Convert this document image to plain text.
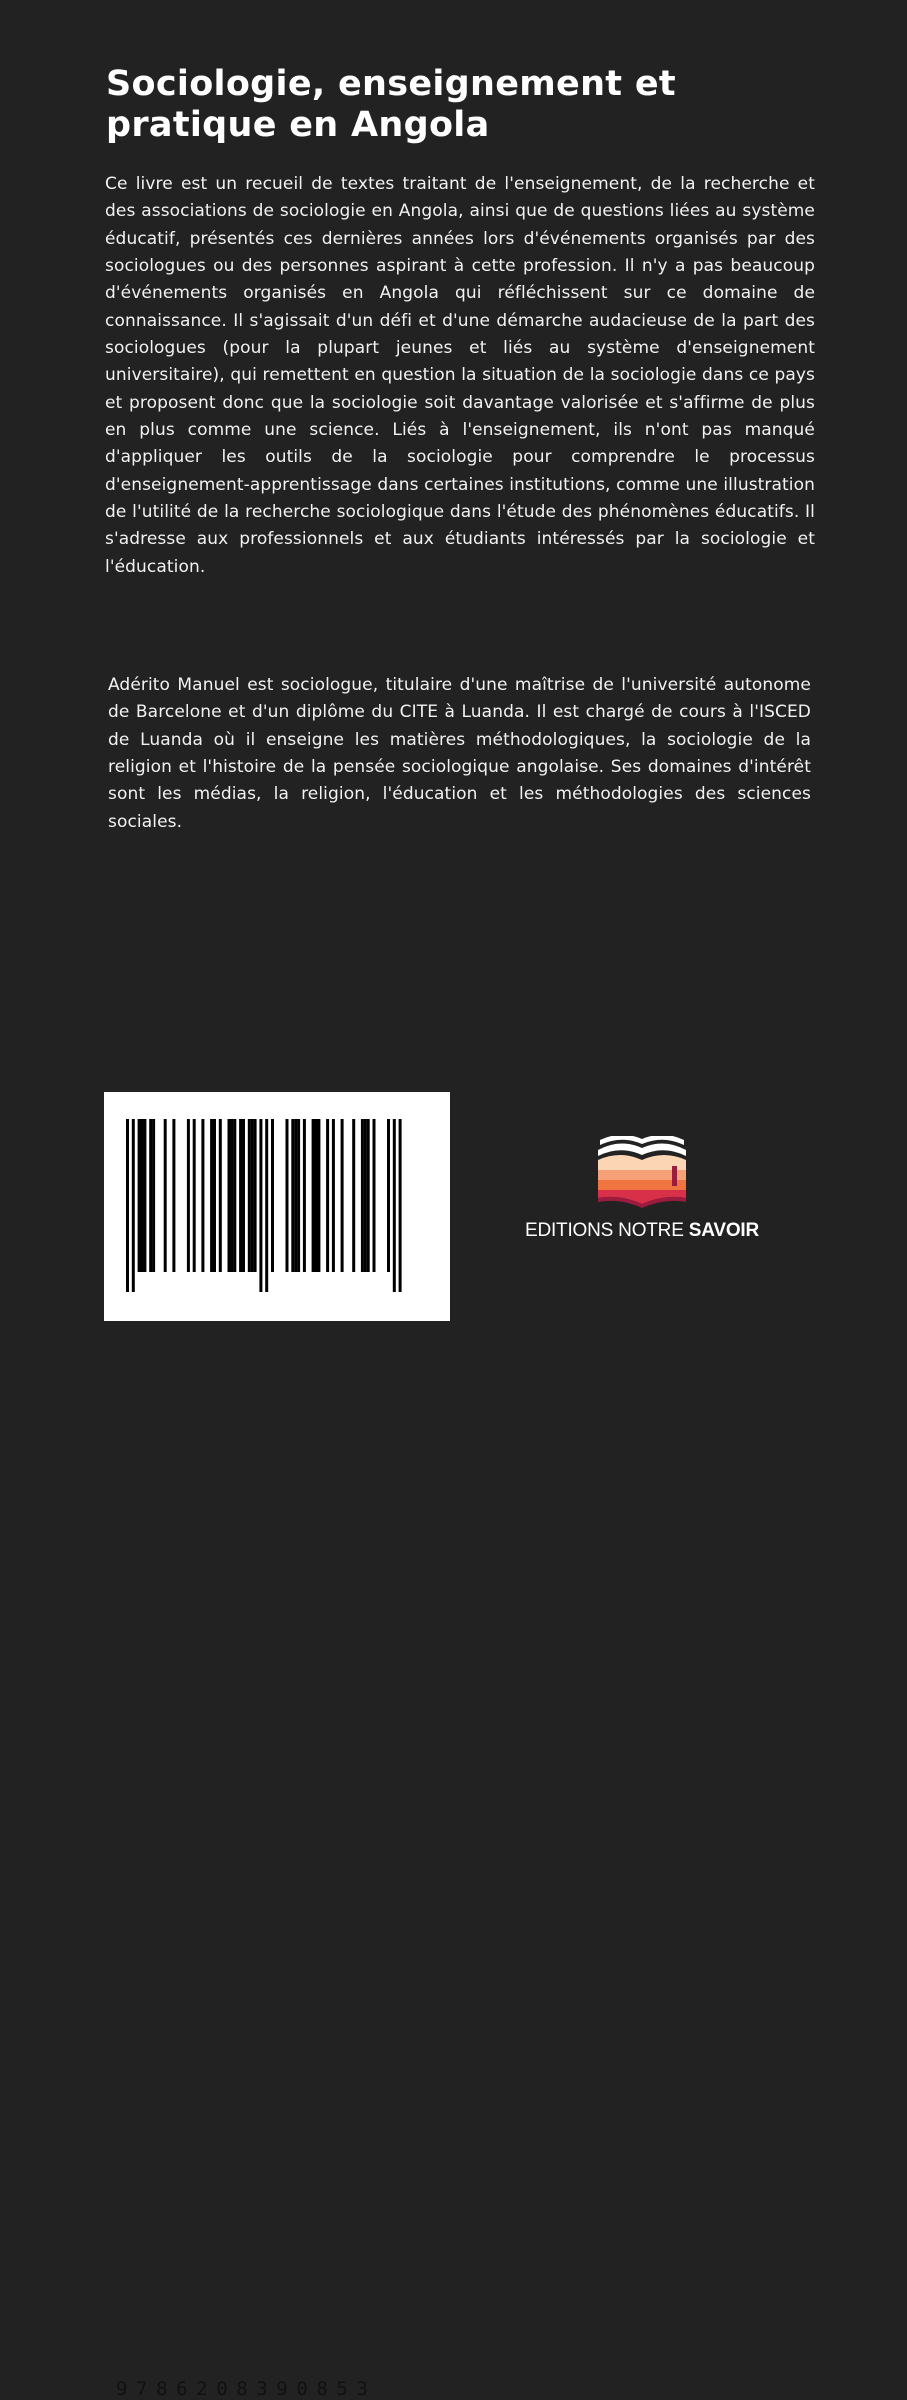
Sociologie, enseignement et pratique en Angola

Ce livre est un recueil de textes traitant de l'enseignement, de la recherche et des associations de sociologie en Angola, ainsi que de questions liées au système éducatif, présentés ces dernières années lors d'événements organisés par des sociologues ou des personnes aspirant à cette profession. Il n'y a pas beaucoup d'événements organisés en Angola qui réfléchissent sur ce domaine de connaissance. Il s'agissait d'un défi et d'une démarche audacieuse de la part des sociologues (pour la plupart jeunes et liés au système d'enseignement universitaire), qui remettent en question la situation de la sociologie dans ce pays et proposent donc que la sociologie soit davantage valorisée et s'affirme de plus en plus comme une science. Liés à l'enseignement, ils n'ont pas manqué d'appliquer les outils de la sociologie pour comprendre le processus d'enseignement-apprentissage dans certaines institutions, comme une illustration de l'utilité de la recherche sociologique dans l'étude des phénomènes éducatifs. Il s'adresse aux professionnels et aux étudiants intéressés par la sociologie et l'éducation.

Adérito Manuel est sociologue, titulaire d'une maîtrise de l'université autonome de Barcelone et d'un diplôme du CITE à Luanda. Il est chargé de cours à l'ISCED de Luanda où il enseigne les matières méthodologiques, la sociologie de la religion et l'histoire de la pensée sociologique angolaise. Ses domaines d'intérêt sont les médias, la religion, l'éducation et les méthodologies des sciences sociales.

9786208390853
EDITIONS NOTRE SAVOIR
